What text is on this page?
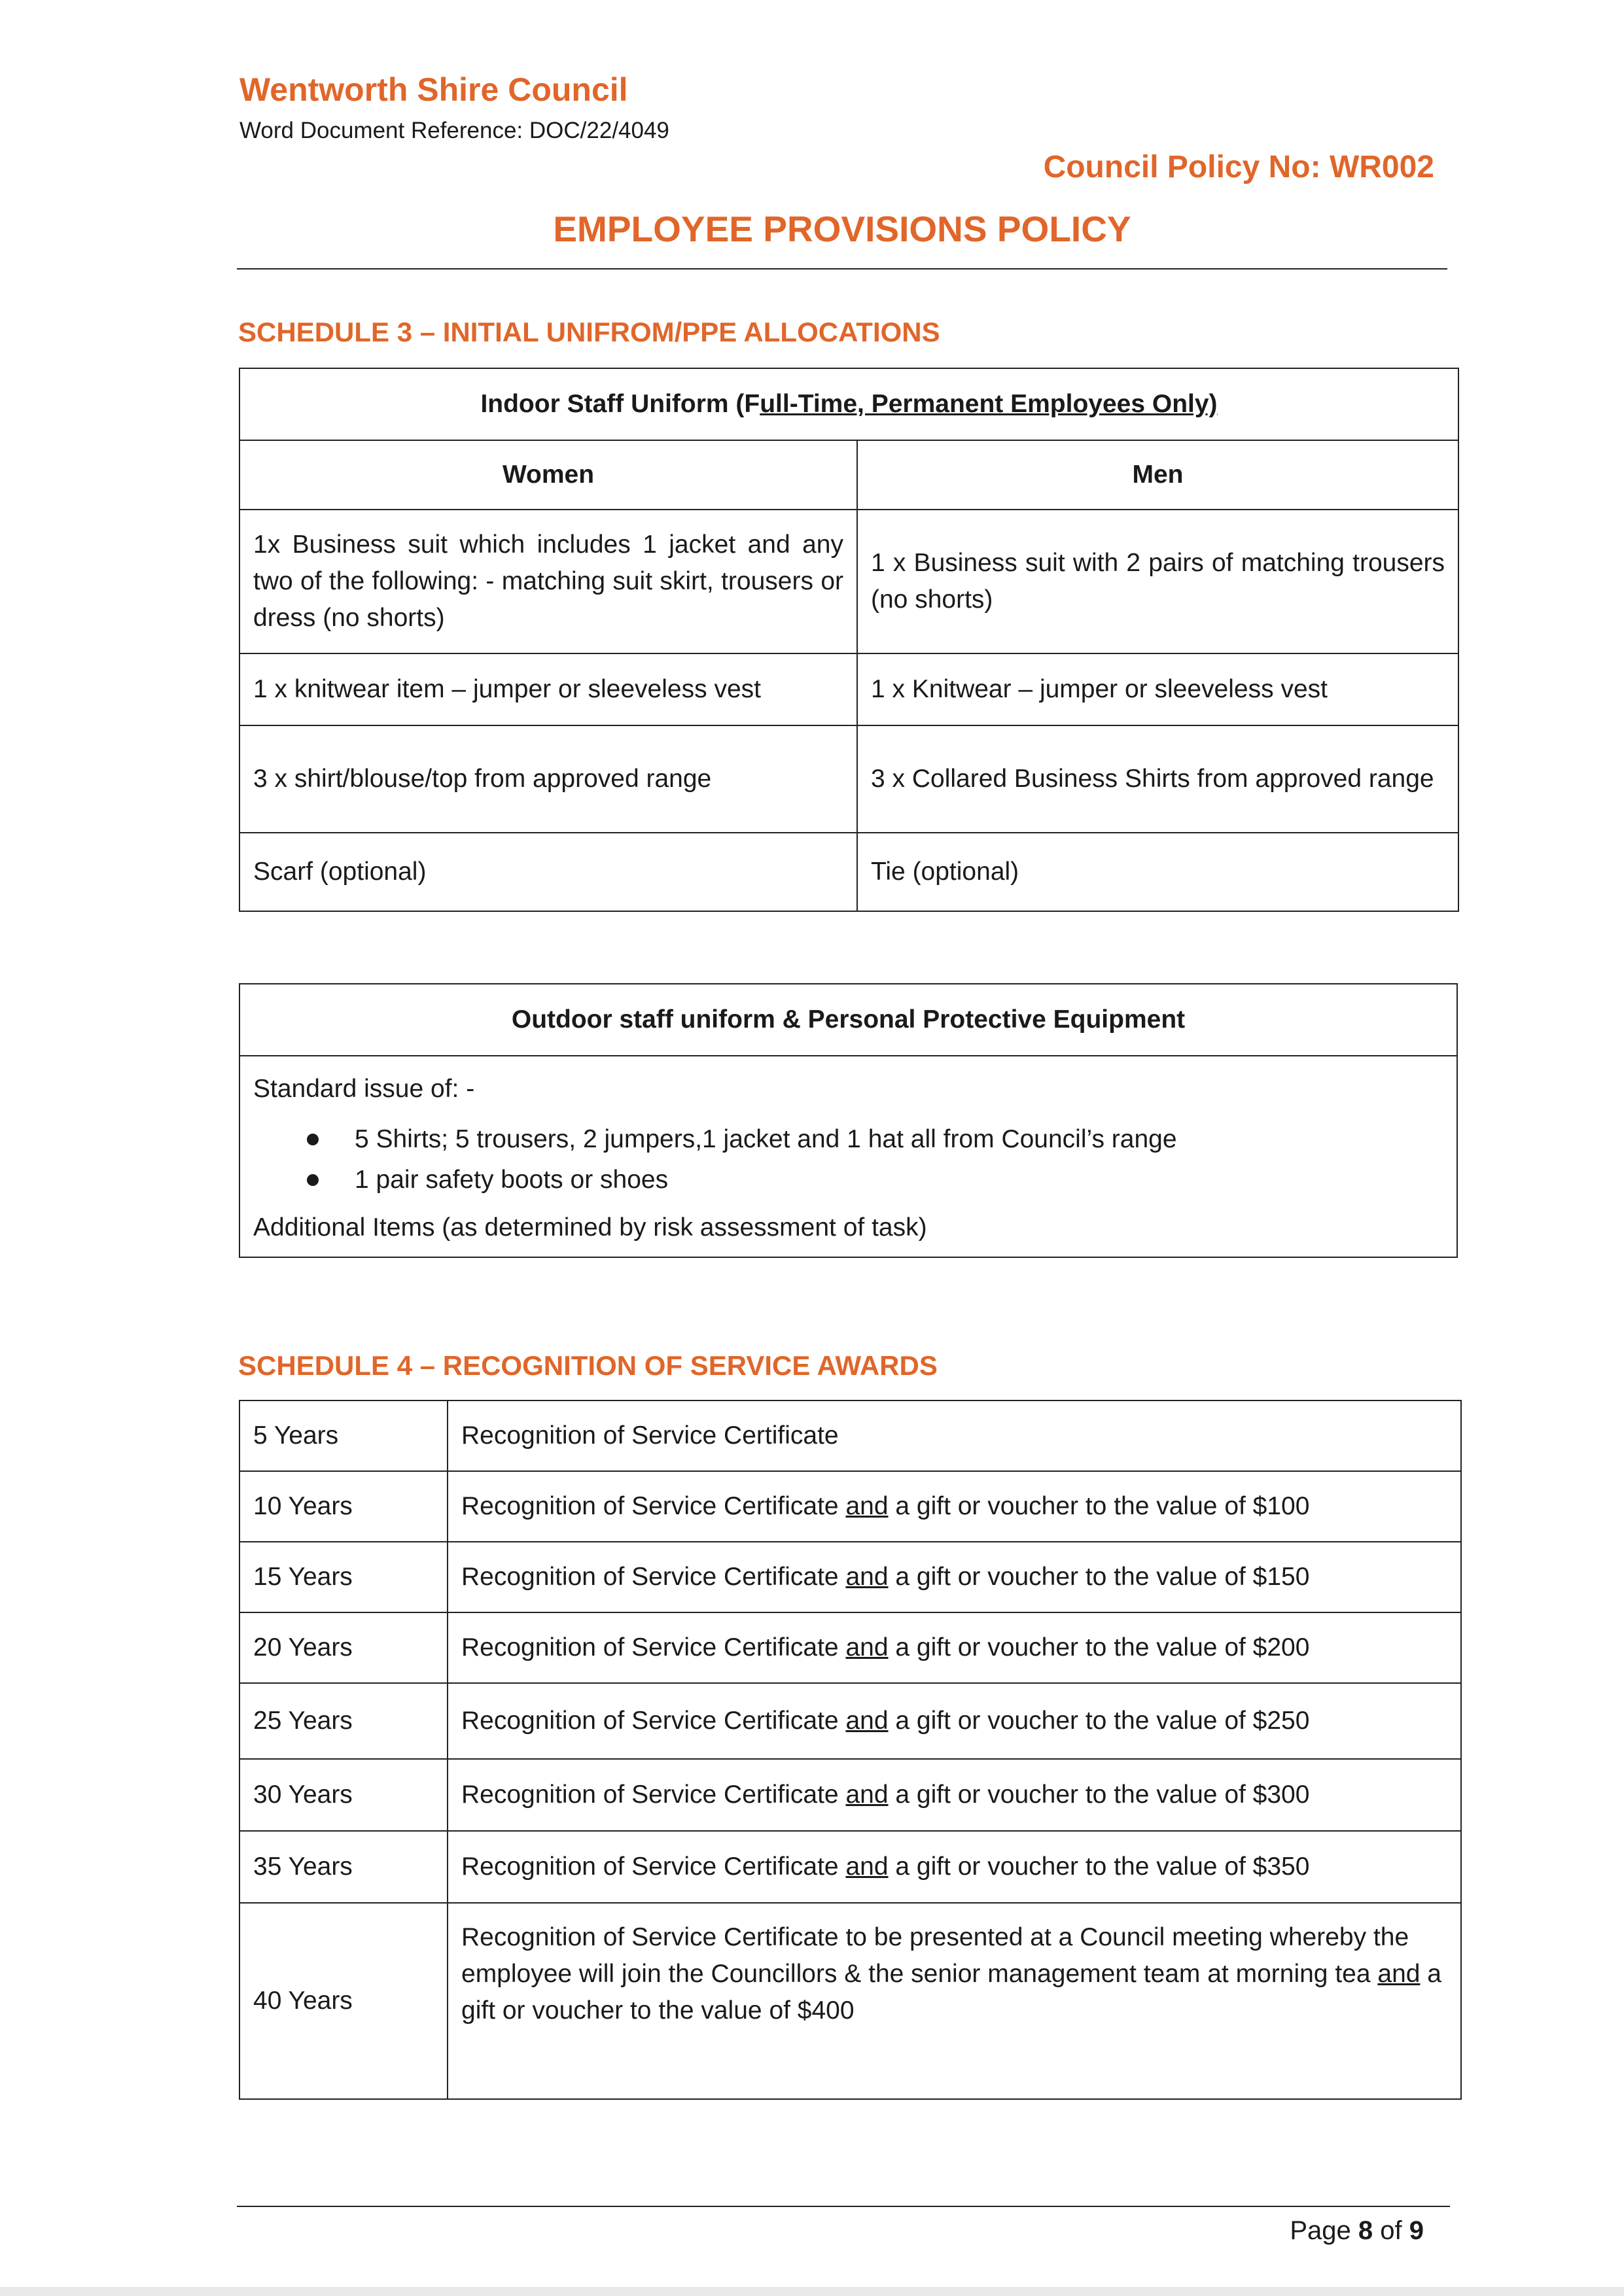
Wentworth Shire Council
Word Document Reference: DOC/22/4049
Council Policy No: WR002
EMPLOYEE PROVISIONS POLICY
SCHEDULE 3 – INITIAL UNIFROM/PPE ALLOCATIONS
Indoor Staff Uniform (Full-Time, Permanent Employees Only)	
Women	Men
1x Business suit which includes 1 jacket and any two of the following: - matching suit skirt, trousers or dress (no shorts)	1 x Business suit with 2 pairs of matching trousers (no shorts)
1 x knitwear item – jumper or sleeveless vest	1 x Knitwear – jumper or sleeveless vest
3 x shirt/blouse/top from approved range	3 x Collared Business Shirts from approved range
Scarf (optional)	Tie (optional)
Outdoor staff uniform & Personal Protective Equipment

Standard issue of: -
5 Shirts; 5 trousers, 2 jumpers,1 jacket and 1 hat all from Council’s range
1 pair safety boots or shoes
Additional Items (as determined by risk assessment of task)
SCHEDULE 4 – RECOGNITION OF SERVICE AWARDS
5 Years	Recognition of Service Certificate
10 Years	Recognition of Service Certificate and a gift or voucher to the value of $100
15 Years	Recognition of Service Certificate and a gift or voucher to the value of $150
20 Years	Recognition of Service Certificate and a gift or voucher to the value of $200
25 Years	Recognition of Service Certificate and a gift or voucher to the value of $250
30 Years	Recognition of Service Certificate and a gift or voucher to the value of $300
35 Years	Recognition of Service Certificate and a gift or voucher to the value of $350
40 Years	Recognition of Service Certificate to be presented at a Council meeting whereby the employee will join the Councillors & the senior management team at morning tea and a gift or voucher to the value of $400
Page 8 of 9
